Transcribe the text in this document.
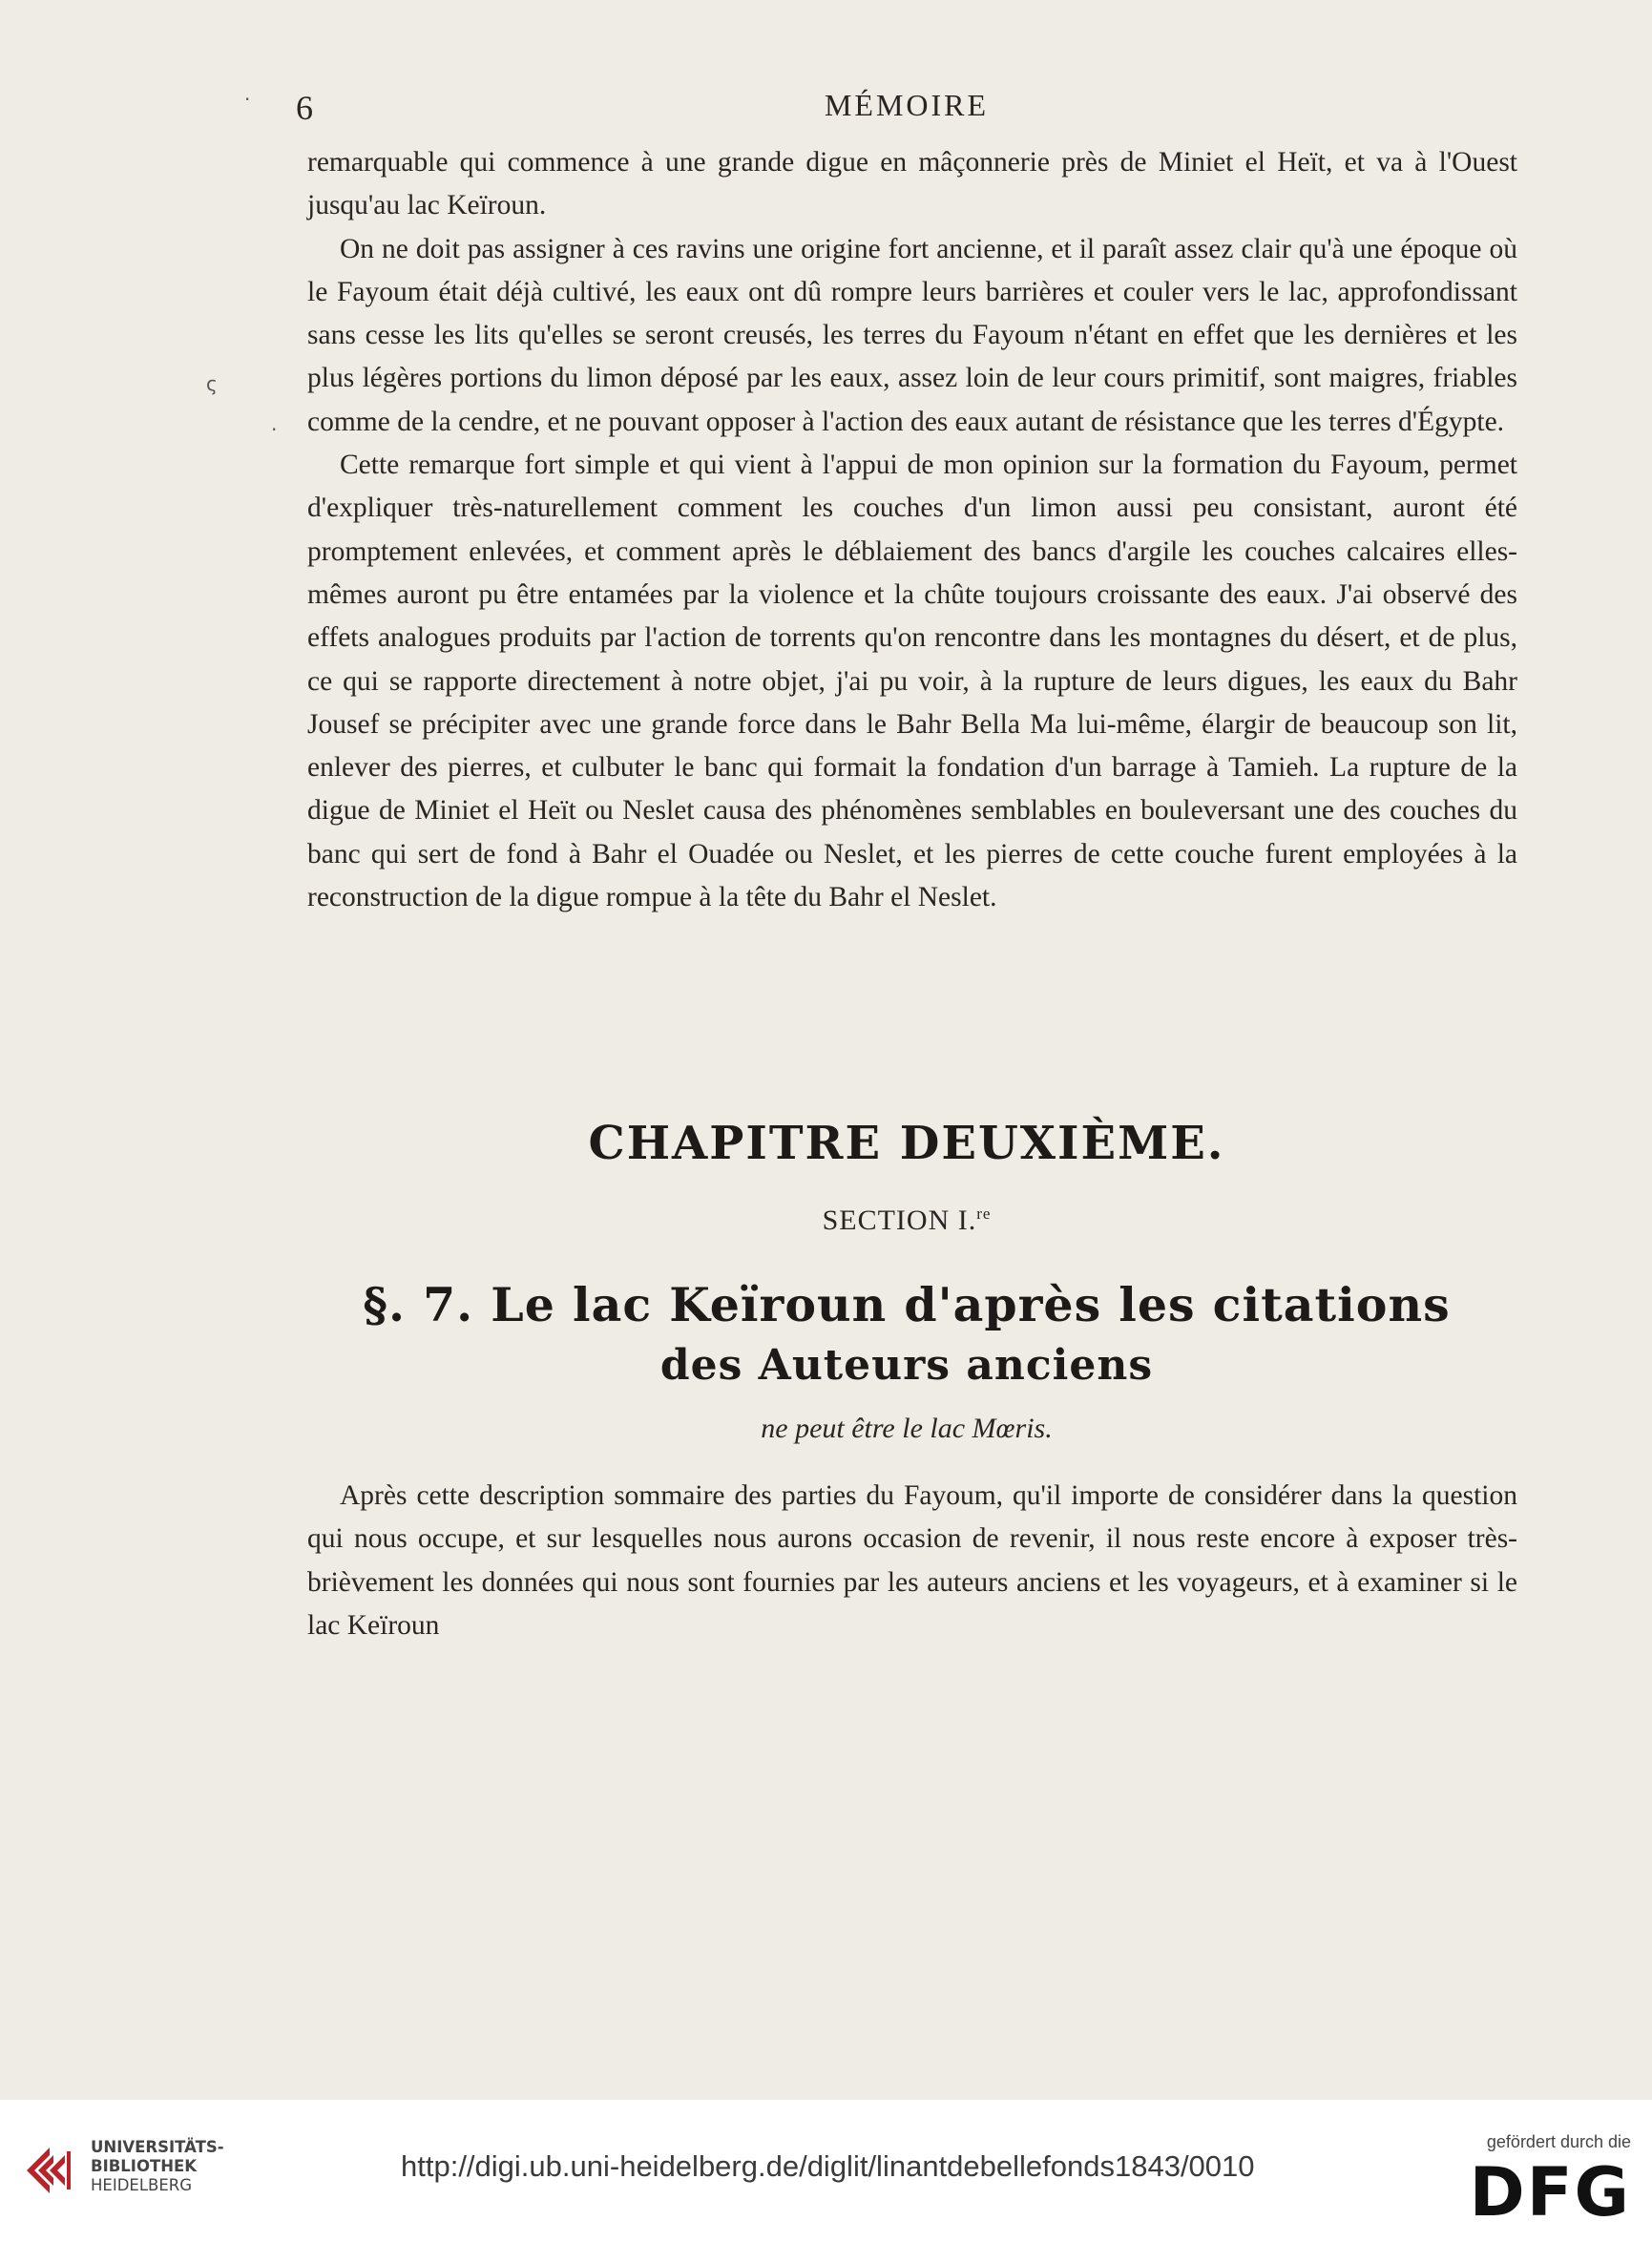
6	MÉMOIRE
·
ς
·

remarquable qui commence à une grande digue en mâçonnerie près de Miniet el Heït, et va à l'Ouest jusqu'au lac Keïroun.

On ne doit pas assigner à ces ravins une origine fort ancienne, et il paraît assez clair qu'à une époque où le Fayoum était déjà cultivé, les eaux ont dû rompre leurs barrières et couler vers le lac, approfondissant sans cesse les lits qu'elles se seront creusés, les terres du Fayoum n'étant en effet que les dernières et les plus légères portions du limon déposé par les eaux, assez loin de leur cours primitif, sont maigres, friables comme de la cendre, et ne pouvant opposer à l'action des eaux autant de résistance que les terres d'Égypte.

Cette remarque fort simple et qui vient à l'appui de mon opinion sur la formation du Fayoum, permet d'expliquer très-naturellement comment les couches d'un limon aussi peu consistant, auront été promptement enlevées, et comment après le déblaiement des bancs d'argile les couches calcaires elles-mêmes auront pu être entamées par la violence et la chûte toujours croissante des eaux. J'ai observé des effets analogues produits par l'action de torrents qu'on rencontre dans les montagnes du désert, et de plus, ce qui se rapporte directement à notre objet, j'ai pu voir, à la rupture de leurs digues, les eaux du Bahr Jousef se précipiter avec une grande force dans le Bahr Bella Ma lui-même, élargir de beaucoup son lit, enlever des pierres, et culbuter le banc qui formait la fondation d'un barrage à Tamieh. La rupture de la digue de Miniet el Heït ou Neslet causa des phénomènes semblables en bouleversant une des couches du banc qui sert de fond à Bahr el Ouadée ou Neslet, et les pierres de cette couche furent employées à la reconstruction de la digue rompue à la tête du Bahr el Neslet.

CHAPITRE DEUXIÈME.
SECTION I.$^{re}$
§. 7. Le lac Keïroun d'après les citations
des Auteurs anciens
ne peut être le lac Mœris.

Après cette description sommaire des parties du Fayoum, qu'il importe de considérer dans la question qui nous occupe, et sur lesquelles nous aurons occasion de revenir, il nous reste encore à exposer très-brièvement les données qui nous sont fournies par les auteurs anciens et les voyageurs, et à examiner si le lac Keïroun

UNIVERSITÄTS-
BIBLIOTHEK
HEIDELBERG
http://digi.ub.uni-heidelberg.de/diglit/linantdebellefonds1843/0010
gefördert durch die
DFG
